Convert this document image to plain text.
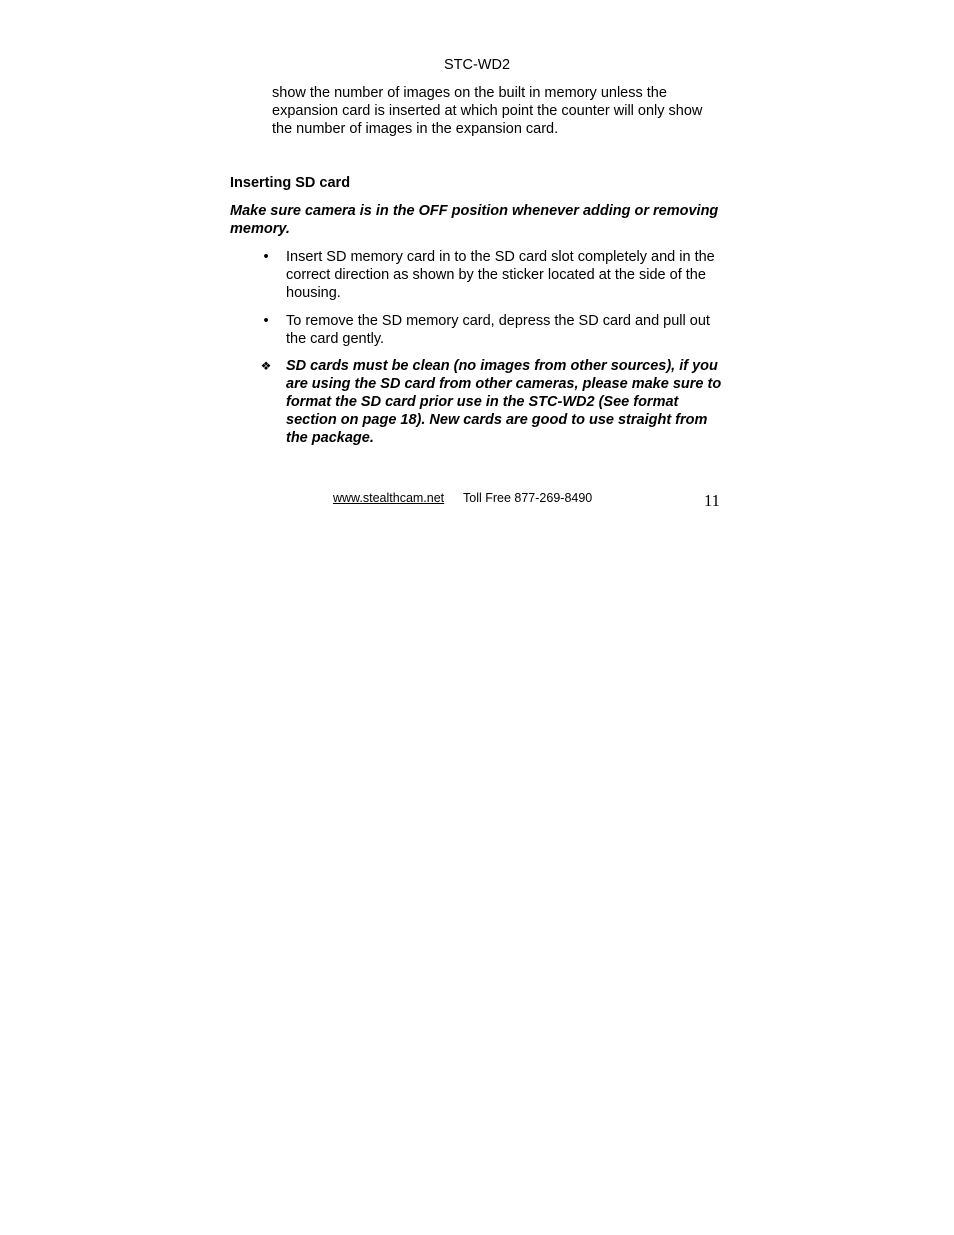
STC-WD2

show the number of images on the built in memory unless the expansion card is inserted at which point the counter will only show the number of images in the expansion card.

Inserting SD card

Make sure camera is in the OFF position whenever adding or removing memory.

•	Insert SD memory card in to the SD card slot completely and in the correct direction as shown by the sticker located at the side of the housing.
•	To remove the SD memory card, depress the SD card and pull out the card gently.
❖	SD cards must be clean (no images from other sources), if you are using the SD card from other cameras, please make sure to format the SD card prior use in the STC-WD2 (See format section on page 18). New cards are good to use straight from the package.
www.stealthcam.net Toll Free 877-269-8490	11
